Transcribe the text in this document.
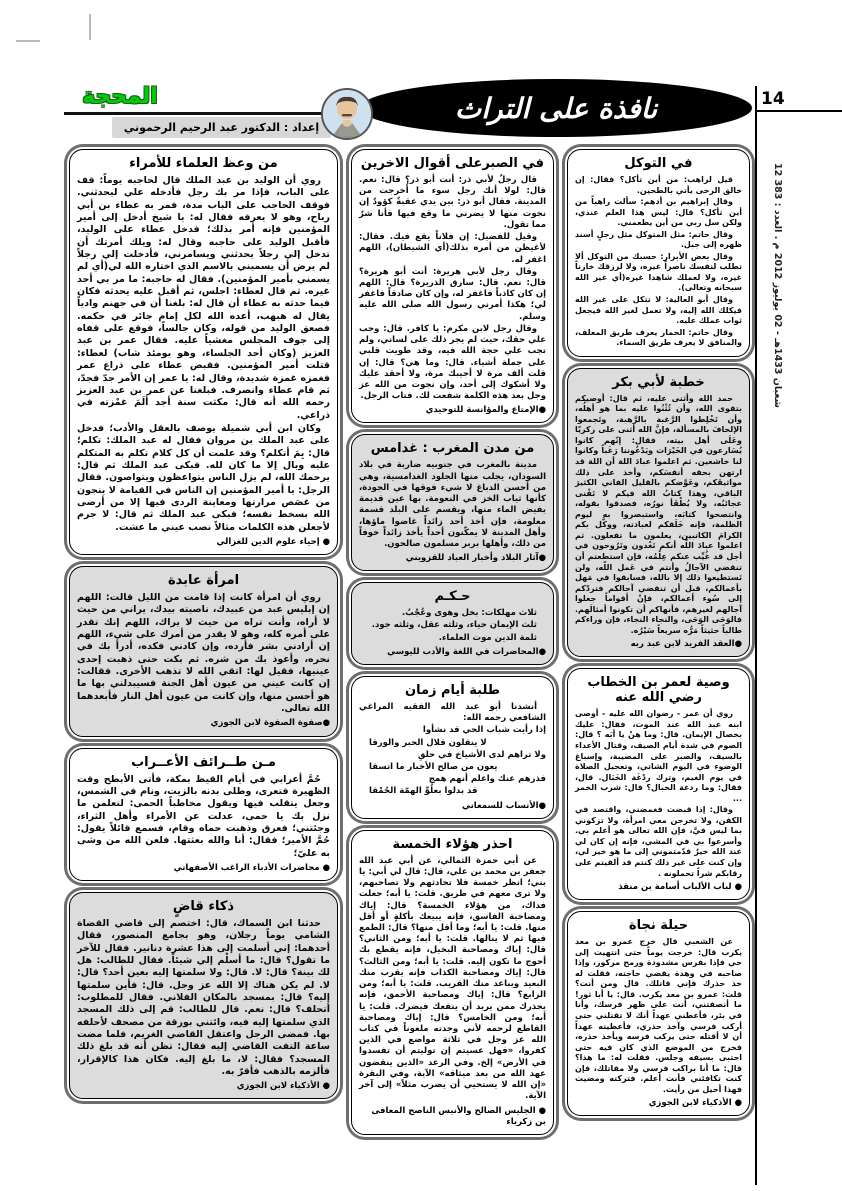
المحجة
إعداد : الدكتور عبد الرحيم الرحموني
نافذة على التراث	14
12 شعبان 1433هـ - 02 يوليوز 2012 م . العدد : 383
في التوكل

قيل لراهب: من أين تأكل؟ فقال: إن خالق الرحى يأتي بالطحين.

وقال إبراهيم بن أدهم: سألت راهباً من أين تأكل؟ قال: ليس هذا العلم عندي، ولكن سل ربي من أين يطعمني.

وقال حاتم: مثل المتوكل مثل رجلٍ أسند ظهره إلى جبل.

وقال بعض الأبرار: حسبك من التوكل ألا تطلب لنفسك ناصراً غيره، ولا لرزقك خازناً غيره، ولا لعملك شاهدا غيره(أي غير الله سبحانه وتعالى).

وقال أبو العالية: لا تتكل على غير الله فيكلك الله إليه، ولا تعمل لغير الله فيجعل ثواب عملك عليه.

وقال حاتم: الحمار يعرف طريق المعلف، والمنافق لا يعرف طريق السماء.

خطبة لأبي بكر

حمد الله وأثنى عليه، ثم قال: أوصيكم بتقوى الله، وأن تُثْنُوا عليه بما هو أهلُه، وأن تَخْلِطوا الرَّغبة بالرَّهبة، وتَجمعوا الإلحافَ بالمسألة، فإنَّ الله أثنى على زكريّا وعَلَى أهل بيته، فقال: إنّهم كانوا يُسَارعون في الخَيْرَات ويَدْعُوننا رَغَباً وكانوا لنا خاشعين. ثم اعلموا عبادَ اللهَ أن اللهَ قد ارتهن بحقه أنفسَكم، وأخذ على ذلك مواثيقَكم، وعَوَّضكم بالقليل الفاني الكثيرَ الباقي، وهذا كتابُ الله فيكم لا تَفْنى عجائبُه، ولا يُطْفَأ نورُه، فصدقوا بقوله، وانتصحوا كتابَه، واستبصروا به ليوم الظلمة، فإنه خَلَقكم لعبادته، ووكَّل بكم الكرامَ الكاتبين، يعلمون ما تفعلون. ثم اعلموا عبادَ اللّه أنكم تَغْدون وتَرُوحون في أجل قد غُيِّب عنكم عِلْمُه، فإن استطعتم أن تنقضي الآجالُ وأنتم في عَمل اللّه، ولن تَستطيعوا ذلك إلا بالله، فسابقوا في مَهل بأعمالكم، قبل أن تنقضي آجالكم فتردّكم إلى سُوء أعمالكم، فإنْ أقواماً جعلوا آجالهم لغيرهم، فأنهاكم أن تكونوا أمثالَهم. فالوَحَى الوَحَى، والنجاء النجاء، فإن وراءكم طالباً حثيثاً مَرُّه سريعاً سَيْرُه.

●العقد الفريد لابن عبد ربه
وصية لعمر بن الخطاب رضي الله عنه

روي أن عمر - رضوان الله عليه - أوصى ابنه عبد الله عند الموت، فقال: عليك بخصال الإيمان. قال: وما هنْ يا أبَه ؟ قال: الصوم في شدة أيام الصيف، وقتال الأعداء بالسيف، والصبر على المصيبة، وإسباغ الوضوء في اليوم الشاتي، وتعجيل الصلاة في يوم الغيم، وترك ردْغَة الخَبَال. قال، فقال: وما ردغة الخبال؟ قال: شرب الخمر ...

وقال: إذا قبضت فغمضني، واقتصد في الكفن، ولا تخرجن معي امرأة، ولا تزكوني بما ليس فيَّ، فإن الله تعالى هو أعلم بي. وأسرعوا بي في المشي، فإنه إن كان لي عند الله خيرٌ قدّمتموني إلى ما هو خير لي، وإن كنت على غير ذلك كنتم قد ألقيتم على رقابكم شراً تحملونه .

● لباب الألباب أسامة بن منقذ
حيلة نجاة

عن الشعبي قال خرج عمرو بن معد يكرب قال: خرجت يوماً حتى انتهيت إلى حي فإذا بفرس مشدودة ورمح مركوز، وإذا صاحبه في وهدة يقضي حاجته، فقلت له خذ حذرك فإني قاتلك. قال ومن أنت؟ قلت: عمرو بن معد يكرب. قال: يا أبا ثور! ما أنصفتني، أنت على ظهر فرسك، وأنا في بئر، فأعطني عهداً أنك لا تقتلني حتى أركب فرسي وآخذ حذري، فأعطيته عهداً أن لا أقتله حتى يركب فرسه ويأخذ حذره، فخرج من الموضع الذي كان فيه حتى احتبى بسيفه وجلس. فقلت له: ما هذا؟ قال: ما أنا براكب فرسي ولا مقاتلك، فإن كنت تكافئني فأنت أعلم. فتركته ومضيت فهذا أحيل من رأيت.

● الأذكياء لابن الجوزي
في الصبرعلى أقوال الاخرين

قال رجلٌ لأبي ذر: أنت أبو ذر؟ قال: نعم. قال: لولا أنك رجل سوء ما أُخرجت من المدينة. فقال أبو ذر: بين يدي عقبةٌ كؤودٌ إن نجوت منها لا يضرني ما وقع فيها فأنا شرٌ مما تقول.

وقيل للفضيل: إن فلاناً يقع فيك. فقال: لأغيظن من أمره بذلك(أي الشيطان)، اللهم اغفر له.

وقال رجل لأبي هريرة: أنت أبو هريرة؟ قال: نعم. قال: سارق الذريرة؟ قال: اللهم إن كان كاذباً فاغفر له، وإن كان صادقاً فاغفر لي؛ هكذا أمرني رسول الله صلى الله عليه وسلم.

وقال رجل لابن مكرم: يا كافر. قال: وجب علي حقك، حيث لم يجر ذلك على لساني، ولم تجب علي حجة الله فيه، وقد طويت قلبي على جملة أشياء. قال: وما هي؟ قال: إن قلت ألف مرة لا أجيبك مرة، ولا أحقد عليك ولا أشكوك إلى أحد، وإن نجوت من الله عز وجل بعد هذه الكلمة شفعت لك. فتاب الرجل.

●الإمتاع والمؤانسة للتوحيدي
من مدن المغرب : غدامس

مدينة بالمغرب في جنوبيه ضاربة في بلاد السودان، يجلب منها الجلود الغدامسية، وهي من أحسن الدباغ لا شيء فوقها في الجودة، كأنها ثياب الخز في النعومة. بها عين قديمة يفيض الماء منها، ويقسم على البلد قسمة معلومة، فإن أخذ أحد زائداً غاضوا ماؤها، وأهل المدينة لا يمكّنون أحداً يأخذ زائداً خوفاً من ذلك، وأهلها بربر مسلمون صالحون.

●آثار البلاد وأخبار العباد للقزويني
حـكـم

ثلاث مهلكات: بخل وهوى وعُجْبُ.

ثلث الإيمان حياء، وثلثه عقل، وثلثه جود.

ثلمة الدين موت العلماء.

●المحاضرات في اللغة والأدب لليوسي
طلبة أيام زمان

أنشدنا أبو عبد الله الفقيه المراغي الشافعي رحمه الله:

إذا رأيت شباب الحي قد نشأوا

لا ينقلون قلال الحبر والورقا

ولا تراهم لدى الأشياخ في حلقِ

يعون من صالح الأخبار ما اتسقا

فذرهم عنك واعلم أنهم همج

قد بدلوا بعلُوِّ الهمّة الحُمْقا

●الأنساب للسمعاني
احذر هؤلاء الخمسة

عن أبي حمزة الثمالي، عن أبي عبد الله جعفر بن محمد بن علي، قال: قال لي أبي: يا بني؛ انظر خمسة فلا تحادثهم ولا تصاحبهم، ولا ترى معهم في طريق. قلت: يا أبه؛ جعلت فداك، من هؤلاء الخمسة؟ قال: إياك ومصاحبة الفاسق، فإنه يبيعك بأكلةٍ أو أقل منها. قلت: يا أبه؛ وما أقل منها؟ قال: الطمع فيها ثم لا ينالها. قلت: يا أبه؛ ومن الثاني؟ قال: إياك ومصاحبة البخيل، فإنه يقطع بك أحوج ما تكون إليه. قلت: يا أبه؛ ومن الثالث؟ قال: إياك ومصاحبة الكذاب فإنه يقرب منك البعيد ويباعد منك القريب. قلت: يا أبه؛ ومن الرابع؟ قال: إياك ومصاحبة الأحمق، فإنه يحذرك ممن يريد أن ينفعك فيضرك. قلت: يا أبه؛ ومن الخامس؟ قال: إياك ومصاحبة القاطع لرحمه لأني وجدته ملعوناً في كتاب الله عز وجل في ثلاثة مواضع في الذين كفروا، «فهل عسيتم إن توليتم أن تفسدوا في الأرض» إلخ. وفي الرعد «الذين ينقضون عهد الله من بعد ميثاقه» الآية، وفي البقرة «إن الله لا يستحيي أن يضرب مثلاً» إلى آخر الآية.

● الجليس الصالح والأنيس الناصح المعافى بن زكرياء
من وعظ العلماء للأمراء

روي أن الوليد بن عبد الملك قال لحاجبه يوماً: قف على الباب، فإذا مر بك رجل فأدخله علي ليحدثني. فوقف الحاجب على الباب مدة، فمر به عطاء بن أبي رباح، وهو لا يعرفه فقال له: يا شيخ أدخل إلى أمير المؤمنين فإنه أمر بذلك؛ فدخل عطاء على الوليد، فأقبل الوليد على حاجبه وقال له: ويلك أمرتك أن تدخل إلي رجلاً يحدثني ويسامرني، فأدخلت إلي رجلاً لم يرض أن يسميني بالاسم الذي اختاره الله لي(أي لم يسمني بأمير المؤمنين). فقال له حاجبه: ما مر بي أحد غيره. ثم قال لعطاء: اجلس، ثم أقبل عليه يحدثه فكان فيما حدثه به عطاء أن قال له: بلغنا أن في جهنم وادياً يقال له هبهب، أعده الله لكل إمام جائر في حكمه. فصعق الوليد من قوله، وكان جالساً، فوقع على قفاه إلى جوف المجلس مغشياً عليه. فقال عمر بن عبد العزيز (وكان أحد الجلساء، وهو يومئذ شاب) لعطاء: قتلت أمير المؤمنين. فقبض عطاء على ذراع عمر فغمزه غمزة شديدة، وقال له: يا عمر إن الأمر جدّ فجدّ، ثم قام عطاء وانصرف. فبلغنا عن عمر بن عبد العزيز رحمه الله أنه قال: مكثت سنة أجد ألَمَ غمْزته في ذراعي.

وكان ابن أبي شميلة يوصف بالعقل والأدب؛ فدخل على عبد الملك بن مروان فقال له عبد الملك: تكلم؛ قال: بِمَ أتكلم؟ وقد علمت أن كل كلام تكلم به المتكلم عليه وبال إلا ما كان لله. فبكى عبد الملك ثم قال: يرحمك الله، لم يزل الناس يتواعظون ويتواصون. فقال الرجل: يا أمير المؤمنين إن الناس في القيامة لا ينجون من غصَص مرارتها ومعاينة الردى فيها إلا من أرضى الله بسخط نفسه؛ فبكى عبد الملك ثم قال: لا جرم لأجعلن هذه الكلمات مثالاً نصب عيني ما عشت.

● إحياء علوم الدين للغزالي
امرأة عابدة

روي أن امرأة كانت إذا قامت من الليل قالت: اللهم إن إبليس عبد من عبيدك، ناصيته بيدك، يراني من حيث لا أراه، وأنت تراه من حيث لا يراك، اللهم إنك تقدر على أمره كله، وهو لا يقدر من أمرك على شيء، اللهم إن أرادني بشر فأرده، وإن كادني فكده، أدرأ بك في نحره، وأعوذ بك من شره. ثم بكت حتى ذهبت إحدى عينيها، فقيل لها: اتقي الله لا تذهب الأخرى. فقالت: إن كانت عيني من عيون أهل الجنة فسيبدلني بها ما هو أحسن منها، وإن كانت من عيون أهل النار فأبعدهما الله تعالى.

●صفوة الصفوة لابن الجوزي
مـن طــرائف الأعــراب

حُمَّ أعرابي في أيام القيظ بمكة، فأتى الأبطح وقت الظهيرة فتعرى، وطلى بدنه بالزيت، ونام في الشمس، وجعل يتقلب فيها ويقول مخاطباً الحمى: لتعلمن ما نزل بك يا حمى، عدلت عن الأمراء وأهل الثراء، وجئتني؛ فعرق وذهبت حماه وقام، فسمع قائلاً يقول: حُمَّ الأمير؛ فقال: أنا والله بعثتها. فلعن الله من وشى به عليّ؛

● محاضرات الأدباء الراغب الأصفهاني
ذكاء قاضٍ

حدثنا ابن السماك، قال: اختصم إلى قاضي القضاة الشامي يوماً رجلان، وهو بجامع المنصور، فقال أحدهما: إني أسلمت إلى هذا عشرة دنانير. فقال للآخر ما تقول؟ قال: ما أسلْم إلي شيئاً. فقال للطالب: هل لك بينة؟ قال: لا. قال: ولا سلمتها إليه بعين أحد؟ قال: لا. لم يكن هناك إلا الله عز وجل. قال: فأين سلمتها إليه؟ قال: بمسجد بالمكان الفلاني. فقال للمطلوب: أتحلف؟ قال: نعم. قال للطالب: قم إلى ذلك المسجد الذي سلمتها إليه فيه، وائتني بورقة من مصحف لأحلفه بها. فمضى الرجل واعتقل القاضي الغريم، فلما مضت ساعة التفت القاضي إليه فقال: تظن أنه قد بلغ ذلك المسجد؟ فقال: لا، ما بلغ إليه. فكان هذا كالإقرار، فألزمه بالذهب فأقرّ به.

● الأذكياء لابن الجوزي
